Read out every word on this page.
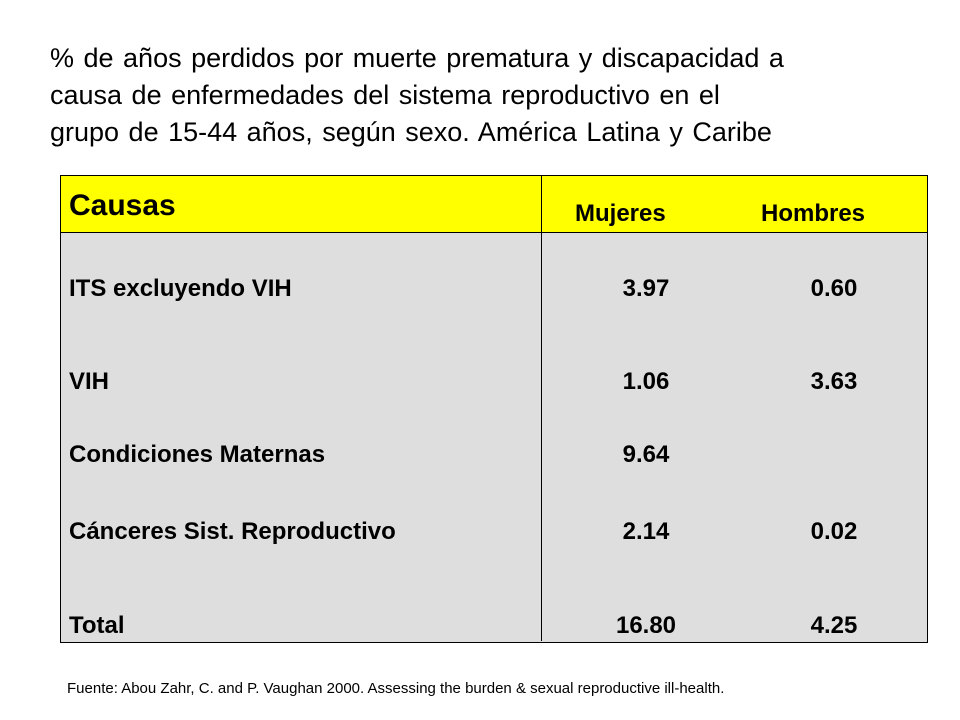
% de años perdidos por muerte prematura y discapacidad a
causa de enfermedades del sistema reproductivo en el
grupo de 15-44 años, según sexo. América Latina y Caribe
Causas	Mujeres	Hombres
ITS excluyendo VIH	3.97	0.60
VIH	1.06	3.63
Condiciones Maternas	9.64
Cánceres Sist. Reproductivo	2.14	0.02
Total	16.80	4.25
Fuente: Abou Zahr, C. and P. Vaughan 2000. Assessing the burden & sexual reproductive ill-health.
